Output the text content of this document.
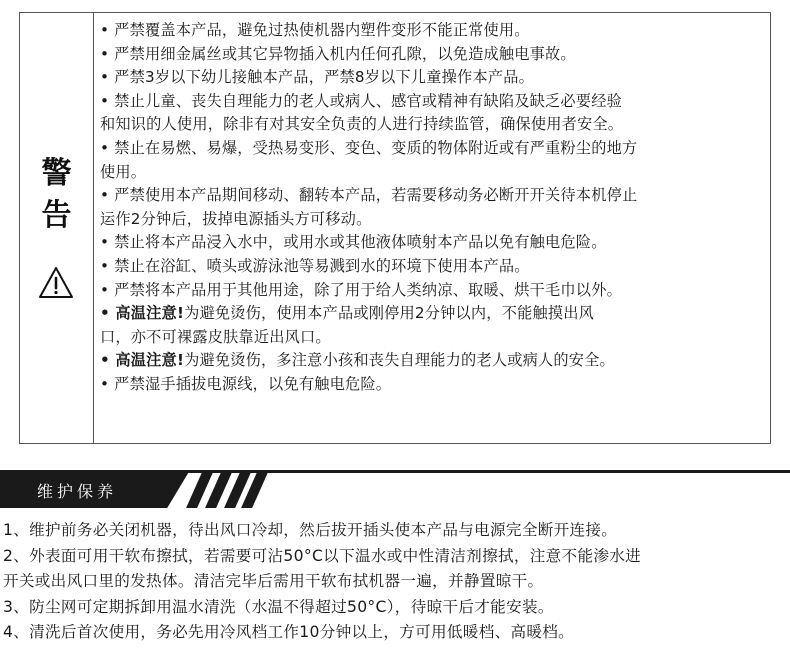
警
告
• 严禁覆盖本产品，避免过热使机器内塑件变形不能正常使用。
• 严禁用细金属丝或其它异物插入机内任何孔隙，以免造成触电事故。
• 严禁3岁以下幼儿接触本产品，严禁8岁以下儿童操作本产品。
• 禁止儿童、丧失自理能力的老人或病人、感官或精神有缺陷及缺乏必要经验
和知识的人使用，除非有对其安全负责的人进行持续监管，确保使用者安全。
• 禁止在易燃、易爆，受热易变形、变色、变质的物体附近或有严重粉尘的地方
使用。
• 严禁使用本产品期间移动、翻转本产品，若需要移动务必断开开关待本机停止
运作2分钟后，拔掉电源插头方可移动。
• 禁止将本产品浸入水中，或用水或其他液体喷射本产品以免有触电危险。
• 禁止在浴缸、喷头或游泳池等易溅到水的环境下使用本产品。
• 严禁将本产品用于其他用途，除了用于给人类纳凉、取暖、烘干毛巾以外。
• 高温注意!为避免烫伤，使用本产品或刚停用2分钟以内，不能触摸出风
口，亦不可裸露皮肤靠近出风口。
• 高温注意!为避免烫伤，多注意小孩和丧失自理能力的老人或病人的安全。
• 严禁湿手插拔电源线，以免有触电危险。
维护保养

1、维护前务必关闭机器，待出风口冷却，然后拔开插头使本产品与电源完全断开连接。

2、外表面可用干软布擦拭，若需要可沾50°C以下温水或中性清洁剂擦拭，注意不能渗水进

开关或出风口里的发热体。清洁完毕后需用干软布拭机器一遍，并静置晾干。

3、防尘网可定期拆卸用温水清洗（水温不得超过50°C），待晾干后才能安装。

4、清洗后首次使用，务必先用冷风档工作10分钟以上，方可用低暖档、高暖档。
